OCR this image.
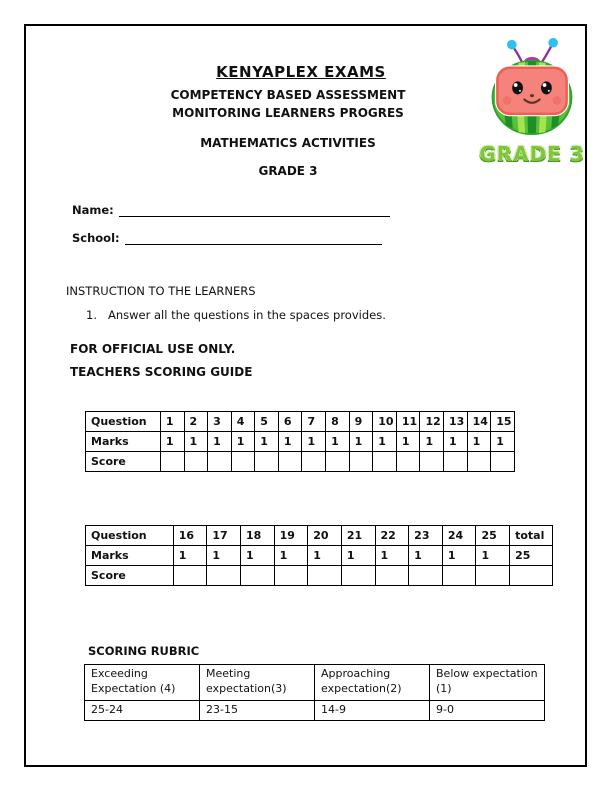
KENYAPLEX EXAMS
COMPETENCY BASED ASSESSMENT
MONITORING LEARNERS PROGRES
MATHEMATICS ACTIVITIES
GRADE 3
GRADE 3
Name:
School:
INSTRUCTION TO THE LEARNERS
1. Answer all the questions in the spaces provides.
FOR OFFICIAL USE ONLY.
TEACHERS SCORING GUIDE
Question	1	2	3	4	5	6	7	8	9	10	11	12	13	14	15
Marks	1	1	1	1	1	1	1	1	1	1	1	1	1	1	1
Score															
Question	16	17	18	19	20	21	22	23	24	25	total
Marks	1	1	1	1	1	1	1	1	1	1	25
Score											
SCORING RUBRIC
Exceeding Expectation (4)	Meeting expectation(3)	Approaching expectation(2)	Below expectation (1)
25-24	23-15	14-9	9-0
